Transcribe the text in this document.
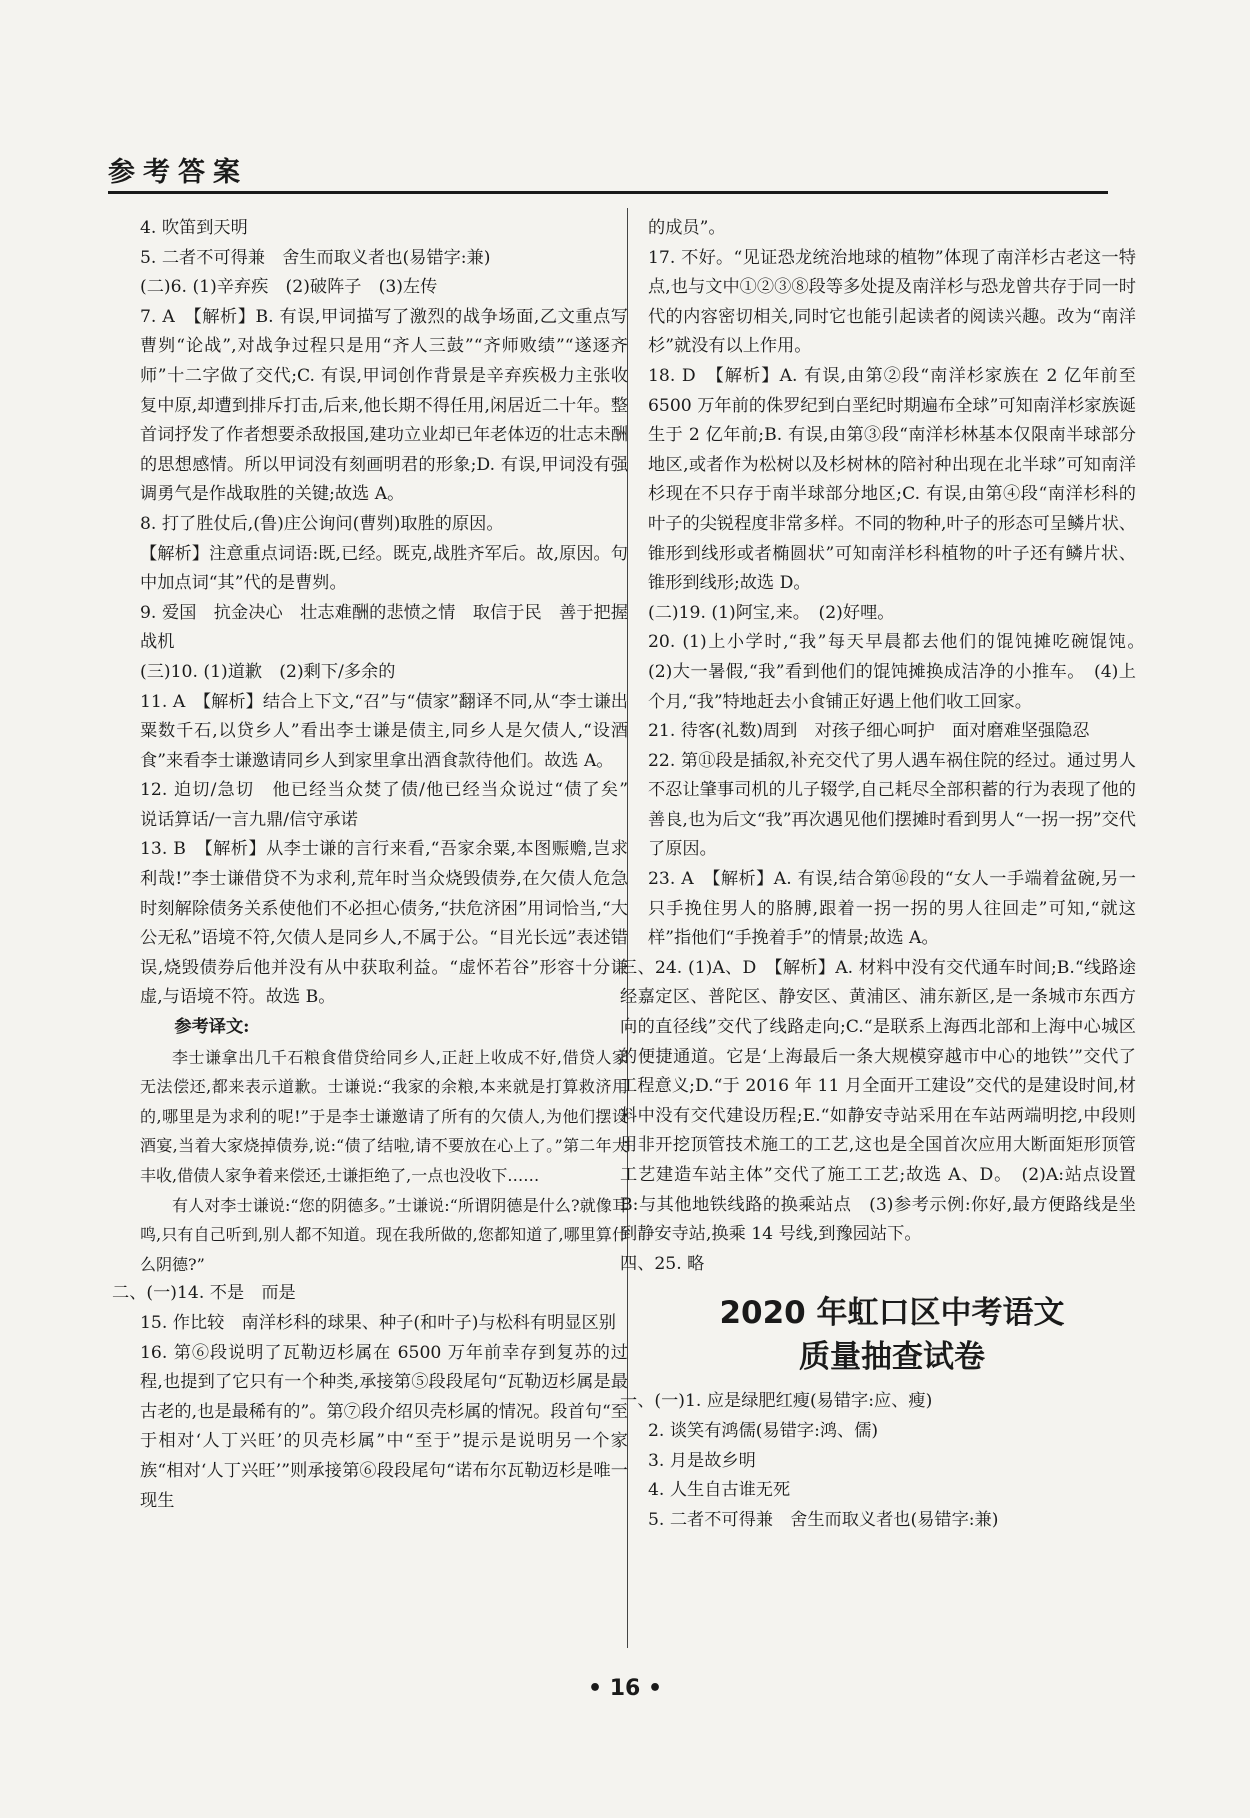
参考答案

4. 吹笛到天明

5. 二者不可得兼　舍生而取义者也(易错字:兼)

(二)6. (1)辛弃疾　(2)破阵子　(3)左传

7. A　【解析】B. 有误,甲词描写了激烈的战争场面,乙文重点写曹刿“论战”,对战争过程只是用“齐人三鼓”“齐师败绩”“遂逐齐师”十二字做了交代;C. 有误,甲词创作背景是辛弃疾极力主张收复中原,却遭到排斥打击,后来,他长期不得任用,闲居近二十年。整首词抒发了作者想要杀敌报国,建功立业却已年老体迈的壮志未酬的思想感情。所以甲词没有刻画明君的形象;D. 有误,甲词没有强调勇气是作战取胜的关键;故选 A。

8. 打了胜仗后,(鲁)庄公询问(曹刿)取胜的原因。

【解析】注意重点词语:既,已经。既克,战胜齐军后。故,原因。句中加点词“其”代的是曹刿。

9. 爱国　抗金决心　壮志难酬的悲愤之情　取信于民　善于把握战机

(三)10. (1)道歉　(2)剩下/多余的

11. A　【解析】结合上下文,“召”与“债家”翻译不同,从“李士谦出粟数千石,以贷乡人”看出李士谦是债主,同乡人是欠债人,“设酒食”来看李士谦邀请同乡人到家里拿出酒食款待他们。故选 A。

12. 迫切/急切　他已经当众焚了债/他已经当众说过“债了矣”　说话算话/一言九鼎/信守承诺

13. B　【解析】从李士谦的言行来看,“吾家余粟,本图赈赡,岂求利哉!”李士谦借贷不为求利,荒年时当众烧毁债券,在欠债人危急时刻解除债务关系使他们不必担心债务,“扶危济困”用词恰当,“大公无私”语境不符,欠债人是同乡人,不属于公。“目光长远”表述错误,烧毁债券后他并没有从中获取利益。“虚怀若谷”形容十分谦虚,与语境不符。故选 B。

参考译文:

李士谦拿出几千石粮食借贷给同乡人,正赶上收成不好,借贷人家无法偿还,都来表示道歉。士谦说:“我家的余粮,本来就是打算救济用的,哪里是为求利的呢!”于是李士谦邀请了所有的欠债人,为他们摆设酒宴,当着大家烧掉债券,说:“债了结啦,请不要放在心上了。”第二年大丰收,借债人家争着来偿还,士谦拒绝了,一点也没收下……

有人对李士谦说:“您的阴德多。”士谦说:“所谓阴德是什么?就像耳鸣,只有自己听到,别人都不知道。现在我所做的,您都知道了,哪里算什么阴德?”

二、(一)14. 不是　而是

15. 作比较　南洋杉科的球果、种子(和叶子)与松科有明显区别

16. 第⑥段说明了瓦勒迈杉属在 6500 万年前幸存到复苏的过程,也提到了它只有一个种类,承接第⑤段段尾句“瓦勒迈杉属是最古老的,也是最稀有的”。第⑦段介绍贝壳杉属的情况。段首句“至于相对‘人丁兴旺’的贝壳杉属”中“至于”提示是说明另一个家族“相对‘人丁兴旺’”则承接第⑥段段尾句“诺布尔瓦勒迈杉是唯一现生

的成员”。

17. 不好。“见证恐龙统治地球的植物”体现了南洋杉古老这一特点,也与文中①②③⑧段等多处提及南洋杉与恐龙曾共存于同一时代的内容密切相关,同时它也能引起读者的阅读兴趣。改为“南洋杉”就没有以上作用。

18. D　【解析】A. 有误,由第②段“南洋杉家族在 2 亿年前至 6500 万年前的侏罗纪到白垩纪时期遍布全球”可知南洋杉家族诞生于 2 亿年前;B. 有误,由第③段“南洋杉林基本仅限南半球部分地区,或者作为松树以及杉树林的陪衬种出现在北半球”可知南洋杉现在不只存于南半球部分地区;C. 有误,由第④段“南洋杉科的叶子的尖锐程度非常多样。不同的物种,叶子的形态可呈鳞片状、锥形到线形或者椭圆状”可知南洋杉科植物的叶子还有鳞片状、锥形到线形;故选 D。

(二)19. (1)阿宝,来。　(2)好哩。

20. (1)上小学时,“我”每天早晨都去他们的馄饨摊吃碗馄饨。　(2)大一暑假,“我”看到他们的馄饨摊换成洁净的小推车。　(4)上个月,“我”特地赶去小食铺正好遇上他们收工回家。

21. 待客(礼数)周到　对孩子细心呵护　面对磨难坚强隐忍

22. 第⑪段是插叙,补充交代了男人遇车祸住院的经过。通过男人不忍让肇事司机的儿子辍学,自己耗尽全部积蓄的行为表现了他的善良,也为后文“我”再次遇见他们摆摊时看到男人“一拐一拐”交代了原因。

23. A　【解析】A. 有误,结合第⑯段的“女人一手端着盆碗,另一只手挽住男人的胳膊,跟着一拐一拐的男人往回走”可知,“就这样”指他们“手挽着手”的情景;故选 A。

三、24. (1)A、D　【解析】A. 材料中没有交代通车时间;B.“线路途经嘉定区、普陀区、静安区、黄浦区、浦东新区,是一条城市东西方向的直径线”交代了线路走向;C.“是联系上海西北部和上海中心城区的便捷通道。它是‘上海最后一条大规模穿越市中心的地铁’”交代了工程意义;D.“于 2016 年 11 月全面开工建设”交代的是建设时间,材料中没有交代建设历程;E.“如静安寺站采用在车站两端明挖,中段则用非开挖顶管技术施工的工艺,这也是全国首次应用大断面矩形顶管工艺建造车站主体”交代了施工工艺;故选 A、D。　(2)A:站点设置　B:与其他地铁线路的换乘站点　(3)参考示例:你好,最方便路线是坐到静安寺站,换乘 14 号线,到豫园站下。

四、25. 略

2020 年虹口区中考语文
质量抽查试卷

一、(一)1. 应是绿肥红瘦(易错字:应、瘦)

2. 谈笑有鸿儒(易错字:鸿、儒)

3. 月是故乡明

4. 人生自古谁无死

5. 二者不可得兼　舍生而取义者也(易错字:兼)

• 16 •
